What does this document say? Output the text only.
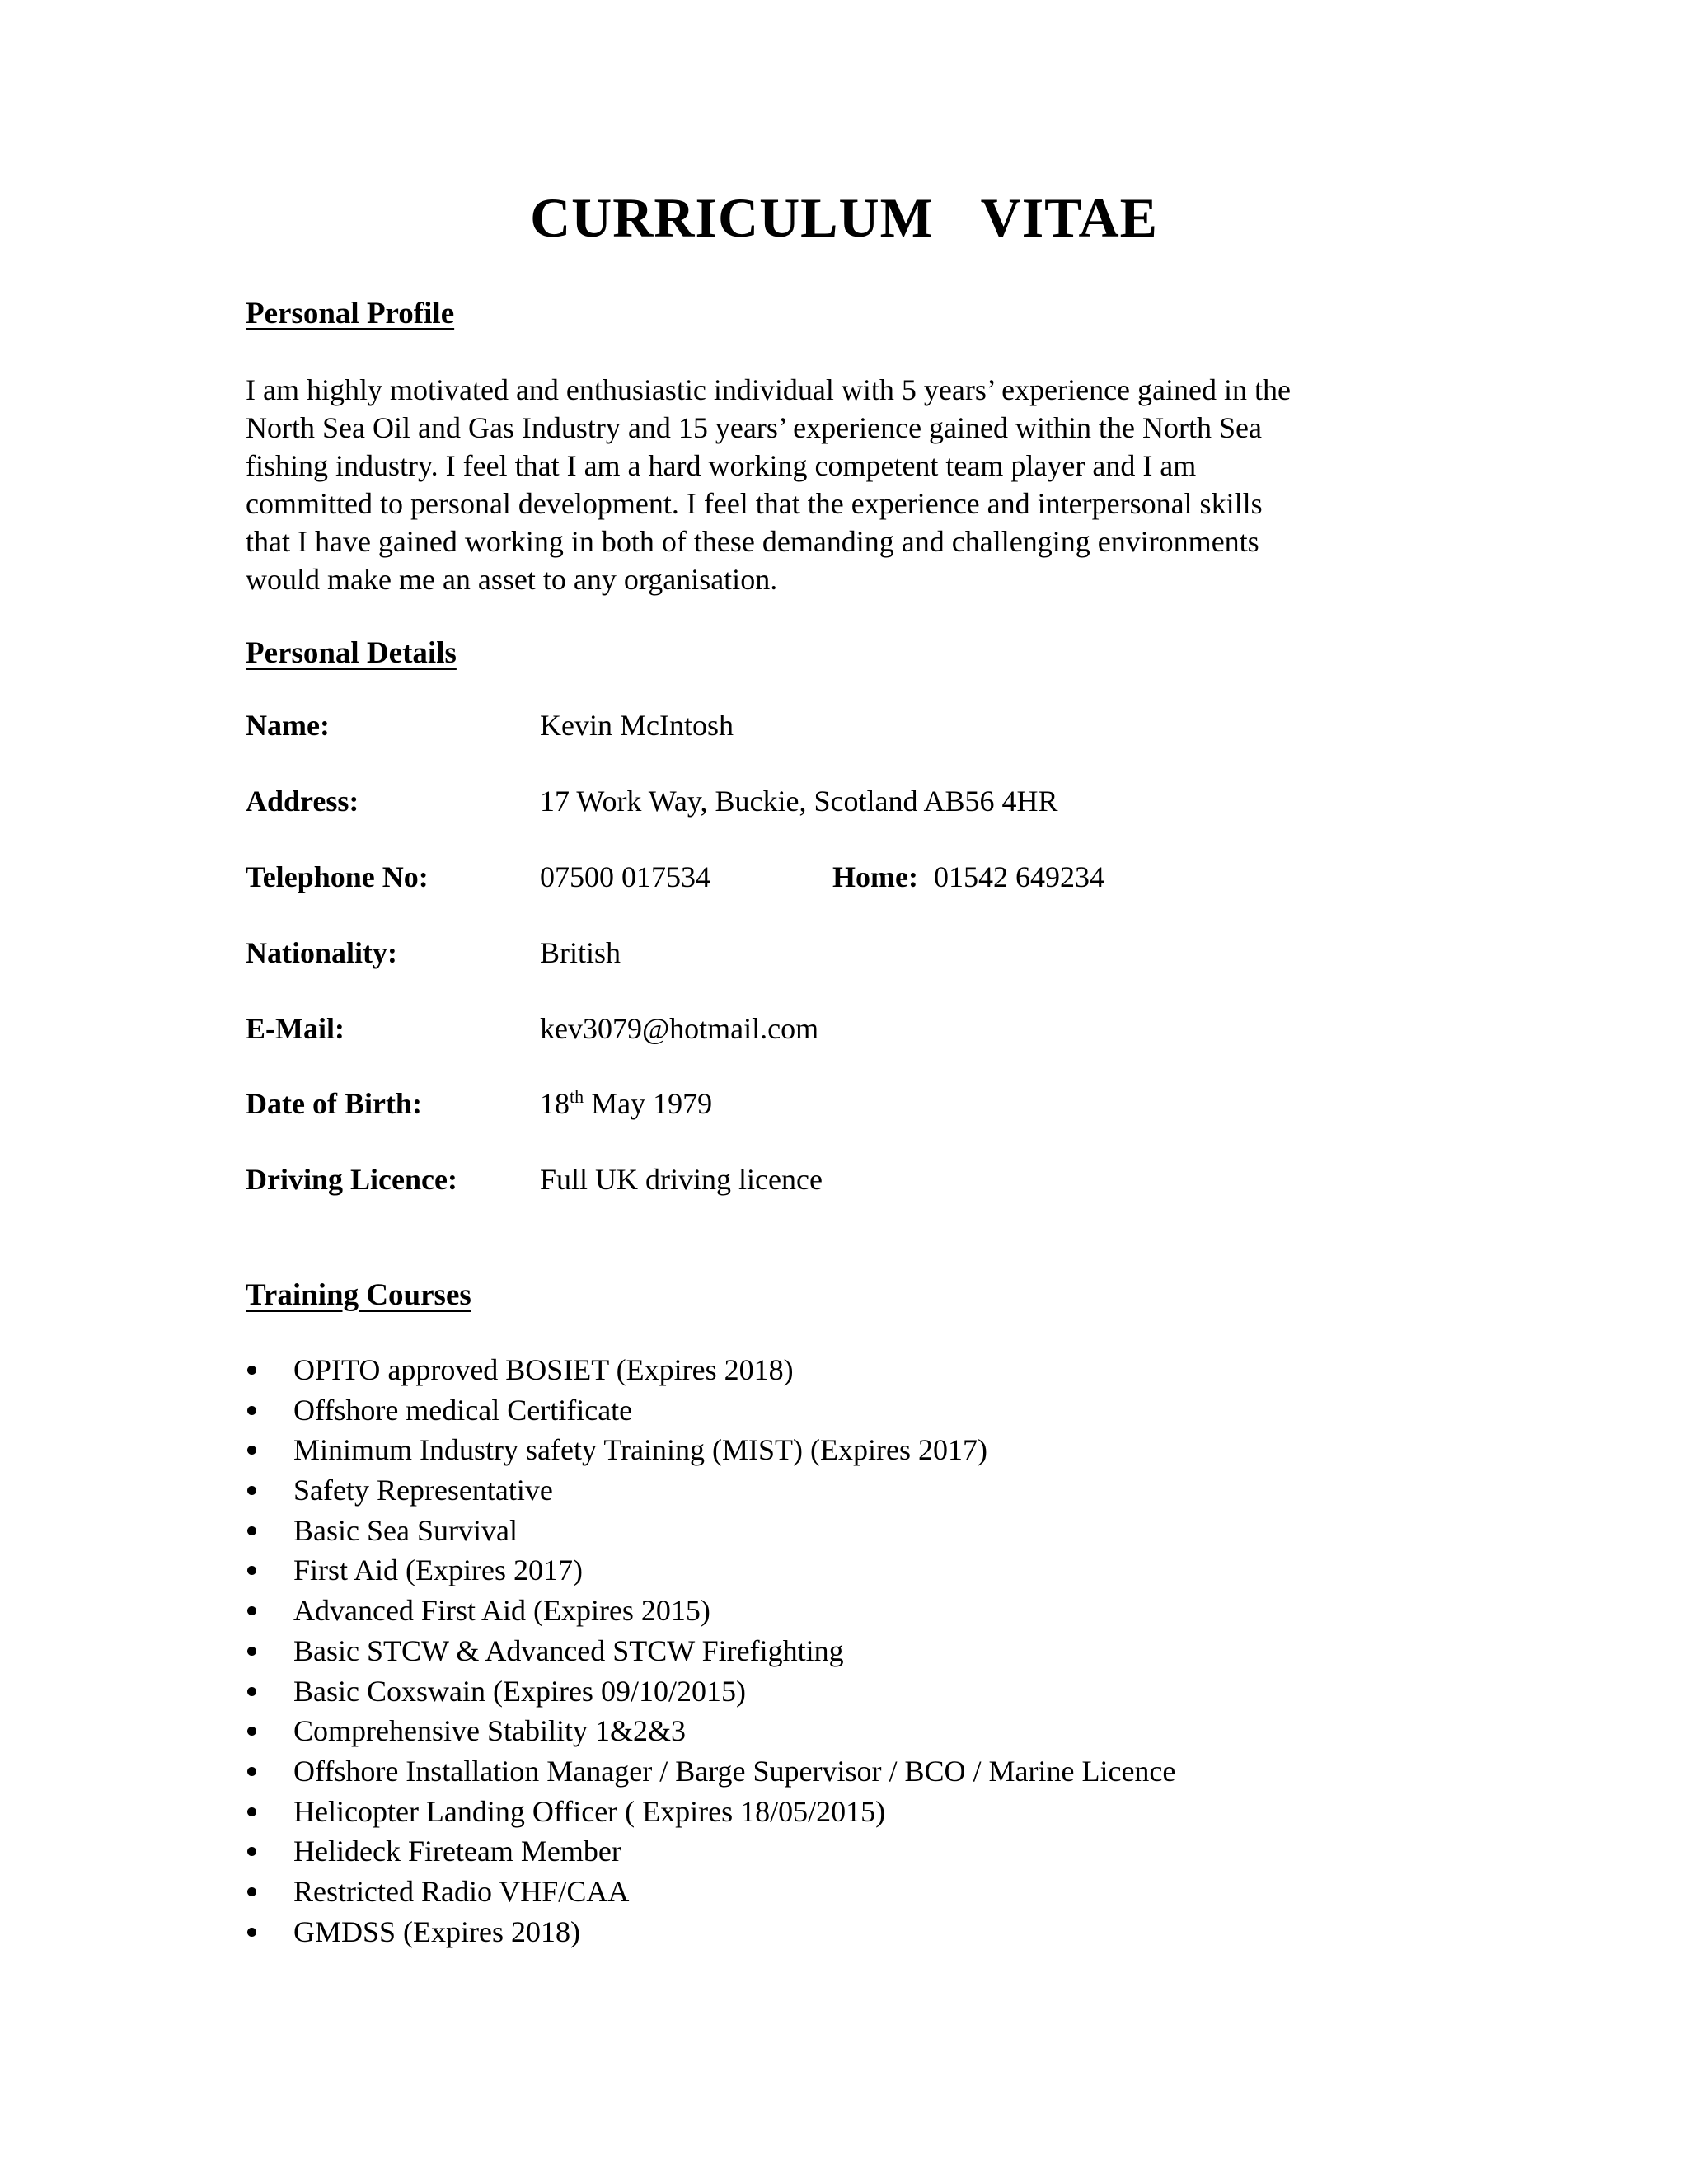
CURRICULUM VITAE
Personal Profile
I am highly motivated and enthusiastic individual with 5 years’ experience gained in the
North Sea Oil and Gas Industry and 15 years’ experience gained within the North Sea
fishing industry. I feel that I am a hard working competent team player and I am
committed to personal development. I feel that the experience and interpersonal skills
that I have gained working in both of these demanding and challenging environments
would make me an asset to any organisation.
Personal Details
Name:	Kevin McIntosh
Address:	17 Work Way, Buckie, Scotland AB56 4HR
Telephone No:	07500 017534	Home: 01542 649234
Nationality:	British
E-Mail:	kev3079@hotmail.com
Date of Birth:	18th May 1979
Driving Licence:	Full UK driving licence
Training Courses
OPITO approved BOSIET (Expires 2018)
Offshore medical Certificate
Minimum Industry safety Training (MIST) (Expires 2017)
Safety Representative
Basic Sea Survival
First Aid (Expires 2017)
Advanced First Aid (Expires 2015)
Basic STCW & Advanced STCW Firefighting
Basic Coxswain (Expires 09/10/2015)
Comprehensive Stability 1&2&3
Offshore Installation Manager / Barge Supervisor / BCO / Marine Licence
Helicopter Landing Officer ( Expires 18/05/2015)
Helideck Fireteam Member
Restricted Radio VHF/CAA
GMDSS (Expires 2018)
